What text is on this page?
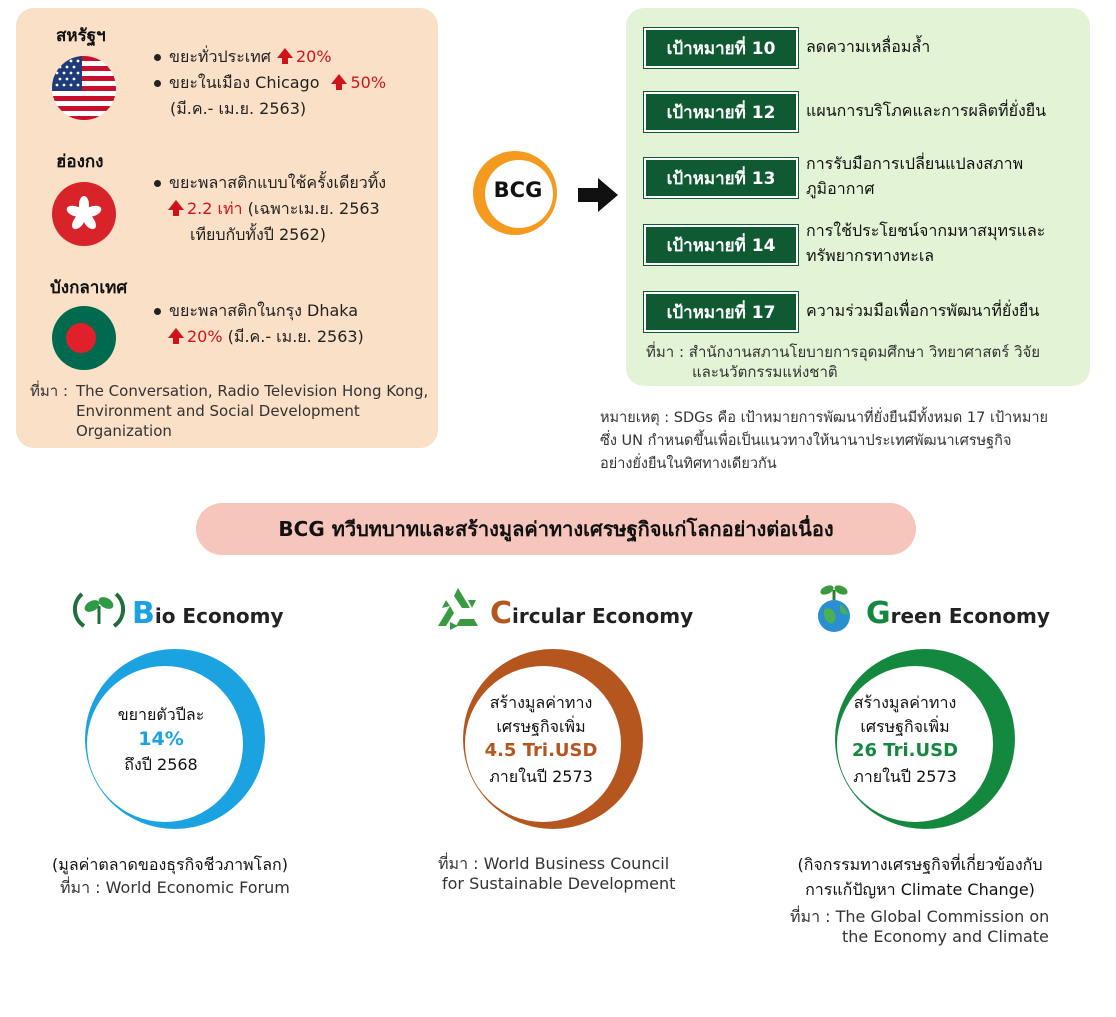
สหรัฐฯ
ขยะทั่วประเทศ 20%
ขยะในเมือง Chicago 50%
(มี.ค.- เม.ย. 2563)
ฮ่องกง
ขยะพลาสติกแบบใช้ครั้งเดียวทิ้ง
2.2 เท่า (เฉพาะเม.ย. 2563
เทียบกับทั้งปี 2562)
บังกลาเทศ
ขยะพลาสติกในกรุง Dhaka
20% (มี.ค.- เม.ย. 2563)
ที่มา : The Conversation, Radio Television Hong Kong,
Environment and Social Development
Organization
BCG
เป้าหมายที่ 10	ลดความเหลื่อมล้ำ
เป้าหมายที่ 12	แผนการบริโภคและการผลิตที่ยั่งยืน
เป้าหมายที่ 13
การรับมือการเปลี่ยนแปลงสภาพ
ภูมิอากาศ
เป้าหมายที่ 14
การใช้ประโยชน์จากมหาสมุทรและ
ทรัพยากรทางทะเล
เป้าหมายที่ 17	ความร่วมมือเพื่อการพัฒนาที่ยั่งยืน
ที่มา : สำนักงานสภานโยบายการอุดมศึกษา วิทยาศาสตร์ วิจัย
และนวัตกรรมแห่งชาติ
หมายเหตุ : SDGs คือ เป้าหมายการพัฒนาที่ยั่งยืนมีทั้งหมด 17 เป้าหมาย
ซึ่ง UN กำหนดขึ้นเพื่อเป็นแนวทางให้นานาประเทศพัฒนาเศรษฐกิจ
อย่างยั่งยืนในทิศทางเดียวกัน
BCG ทวีบทบาทและสร้างมูลค่าทางเศรษฐกิจแก่โลกอย่างต่อเนื่อง
Bio Economy
ขยายตัวปีละ
14%
ถึงปี 2568
(มูลค่าตลาดของธุรกิจชีวภาพโลก)
ที่มา : World Economic Forum
Circular Economy
สร้างมูลค่าทาง
เศรษฐกิจเพิ่ม
4.5 Tri.USD
ภายในปี 2573
ที่มา : World Business Council
for Sustainable Development
Green Economy
สร้างมูลค่าทาง
เศรษฐกิจเพิ่ม
26 Tri.USD
ภายในปี 2573
(กิจกรรมทางเศรษฐกิจที่เกี่ยวข้องกับ
การแก้ปัญหา Climate Change)
ที่มา : The Global Commission on
the Economy and Climate
